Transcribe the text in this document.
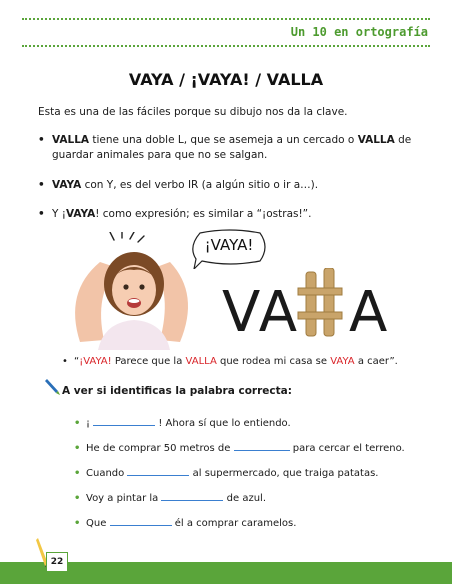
Un 10 en ortografía
VAYA / ¡VAYA! / VALLA
Esta es una de las fáciles porque su dibujo nos da la clave.
• VALLA tiene una doble L, que se asemeja a un cercado o VALLA de guardar animales para que no se salgan.
• VAYA con Y, es del verbo IR (a algún sitio o ir a…).
• Y ¡VAYA! como expresión; es similar a “¡ostras!”.
¡VAYA!
VA A
• “¡VAYA! Parece que la VALLA que rodea mi casa se VAYA a caer”.
A ver si identificas la palabra correcta:
• ¡	! Ahora sí que lo entiendo.
• He de comprar 50 metros de	para cercar el terreno.
• Cuando	al supermercado, que traiga patatas.
• Voy a pintar la	de azul.
• Que	él a comprar caramelos.
22
